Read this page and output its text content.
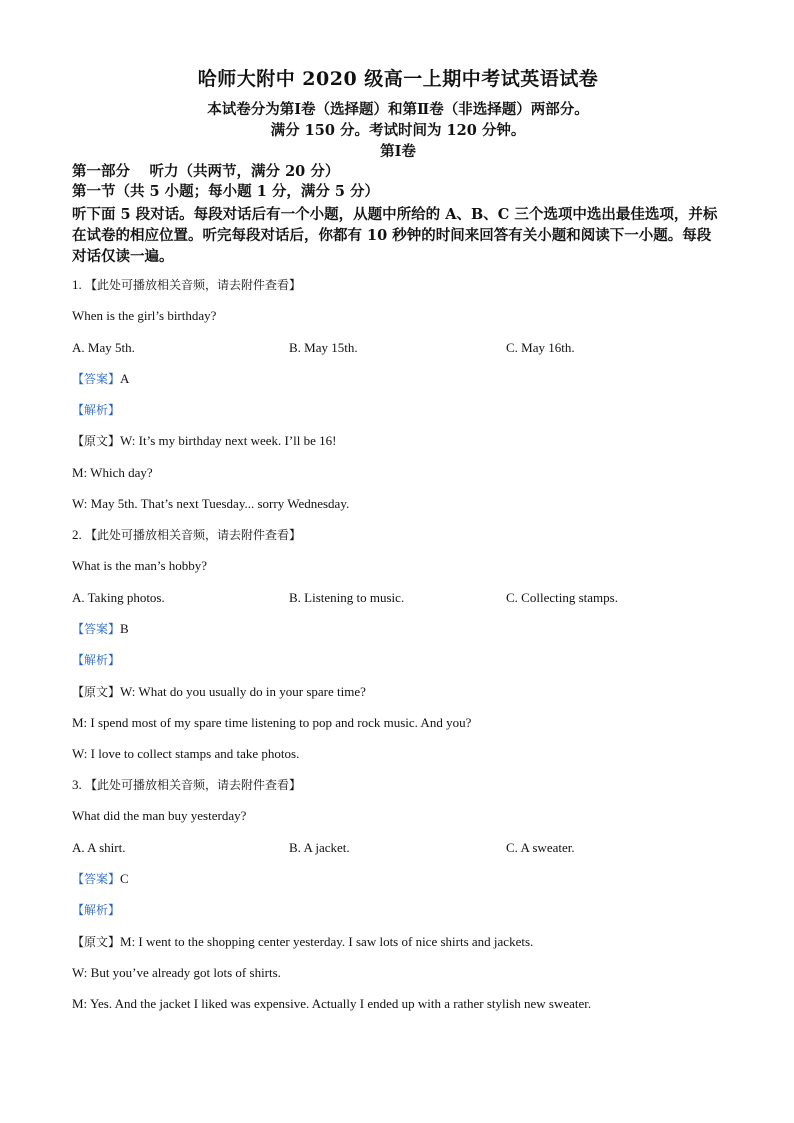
哈师大附中 2020 级高一上期中考试英语试卷

本试卷分为第Ⅰ卷（选择题）和第Ⅱ卷（非选择题）两部分。

满分 150 分。考试时间为 120 分钟。

第Ⅰ卷

第一部分　 听力（共两节，满分 20 分）

第一节（共 5 小题；每小题 1 分，满分 5 分）

听下面 5 段对话。每段对话后有一个小题，从题中所给的 A、B、C 三个选项中选出最佳选项，并标在试卷的相应位置。听完每段对话后，你都有 10 秒钟的时间来回答有关小题和阅读下一小题。每段对话仅读一遍。

1. 【此处可播放相关音频，请去附件查看】

When is the girl’s birthday?

A. May 5th.	B. May 15th.	C. May 16th.

【答案】A

【解析】

【原文】W: It’s my birthday next week. I’ll be 16!

M: Which day?

W: May 5th. That’s next Tuesday... sorry Wednesday.

2. 【此处可播放相关音频，请去附件查看】

What is the man’s hobby?

A. Taking photos.	B. Listening to music.	C. Collecting stamps.

【答案】B

【解析】

【原文】W: What do you usually do in your spare time?

M: I spend most of my spare time listening to pop and rock music. And you?

W: I love to collect stamps and take photos.

3. 【此处可播放相关音频，请去附件查看】

What did the man buy yesterday?

A. A shirt.	B. A jacket.	C. A sweater.

【答案】C

【解析】

【原文】M: I went to the shopping center yesterday. I saw lots of nice shirts and jackets.

W: But you’ve already got lots of shirts.

M: Yes. And the jacket I liked was expensive. Actually I ended up with a rather stylish new sweater.
